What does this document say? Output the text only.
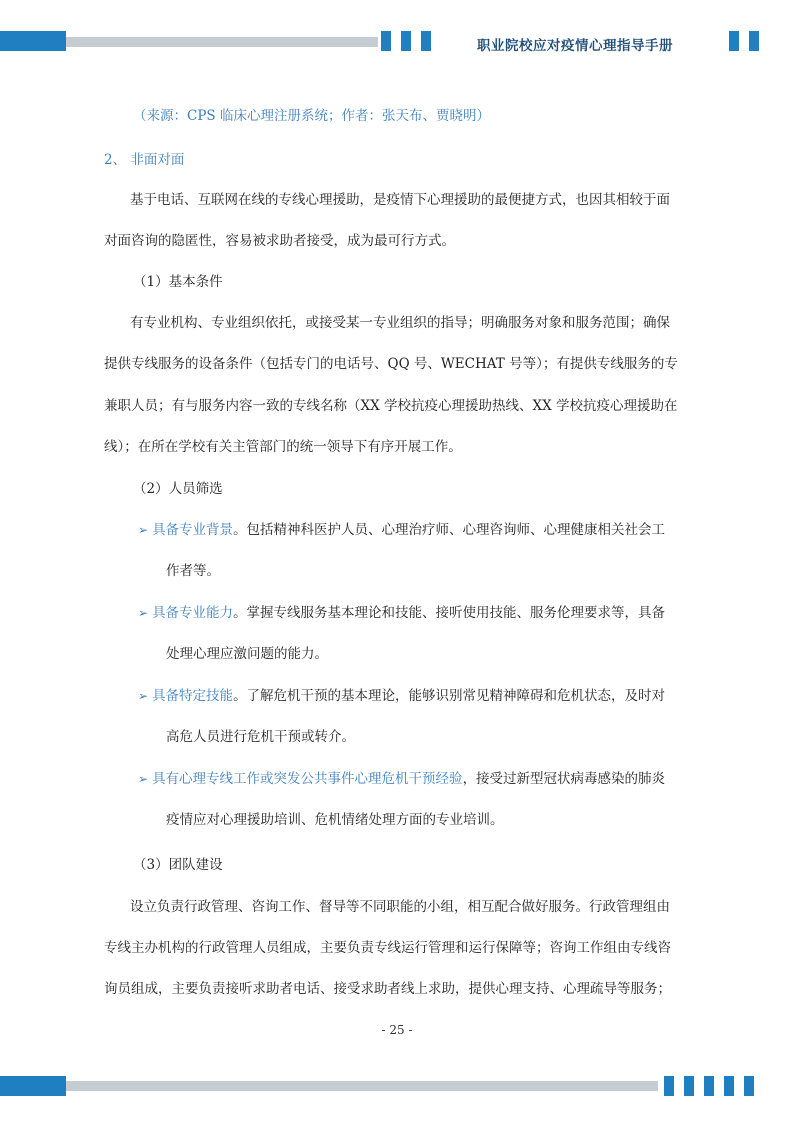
职业院校应对疫情心理指导手册
（来源：CPS 临床心理注册系统；作者：张天布、贾晓明）
2、 非面对面
基于电话、互联网在线的专线心理援助，是疫情下心理援助的最便捷方式，也因其相较于面
对面咨询的隐匿性，容易被求助者接受，成为最可行方式。
（1）基本条件
有专业机构、专业组织依托，或接受某一专业组织的指导；明确服务对象和服务范围；确保
提供专线服务的设备条件（包括专门的电话号、QQ 号、WECHAT 号等）；有提供专线服务的专
兼职人员；有与服务内容一致的专线名称（XX 学校抗疫心理援助热线、XX 学校抗疫心理援助在
线）；在所在学校有关主管部门的统一领导下有序开展工作。
（2）人员筛选
➢ 具备专业背景。包括精神科医护人员、心理治疗师、心理咨询师、心理健康相关社会工
作者等。
➢ 具备专业能力。掌握专线服务基本理论和技能、接听使用技能、服务伦理要求等，具备
处理心理应激问题的能力。
➢ 具备特定技能。了解危机干预的基本理论，能够识别常见精神障碍和危机状态，及时对
高危人员进行危机干预或转介。
➢ 具有心理专线工作或突发公共事件心理危机干预经验，接受过新型冠状病毒感染的肺炎
疫情应对心理援助培训、危机情绪处理方面的专业培训。
（3）团队建设
设立负责行政管理、咨询工作、督导等不同职能的小组，相互配合做好服务。行政管理组由
专线主办机构的行政管理人员组成，主要负责专线运行管理和运行保障等；咨询工作组由专线咨
询员组成，主要负责接听求助者电话、接受求助者线上求助，提供心理支持、心理疏导等服务；
- 25 -
